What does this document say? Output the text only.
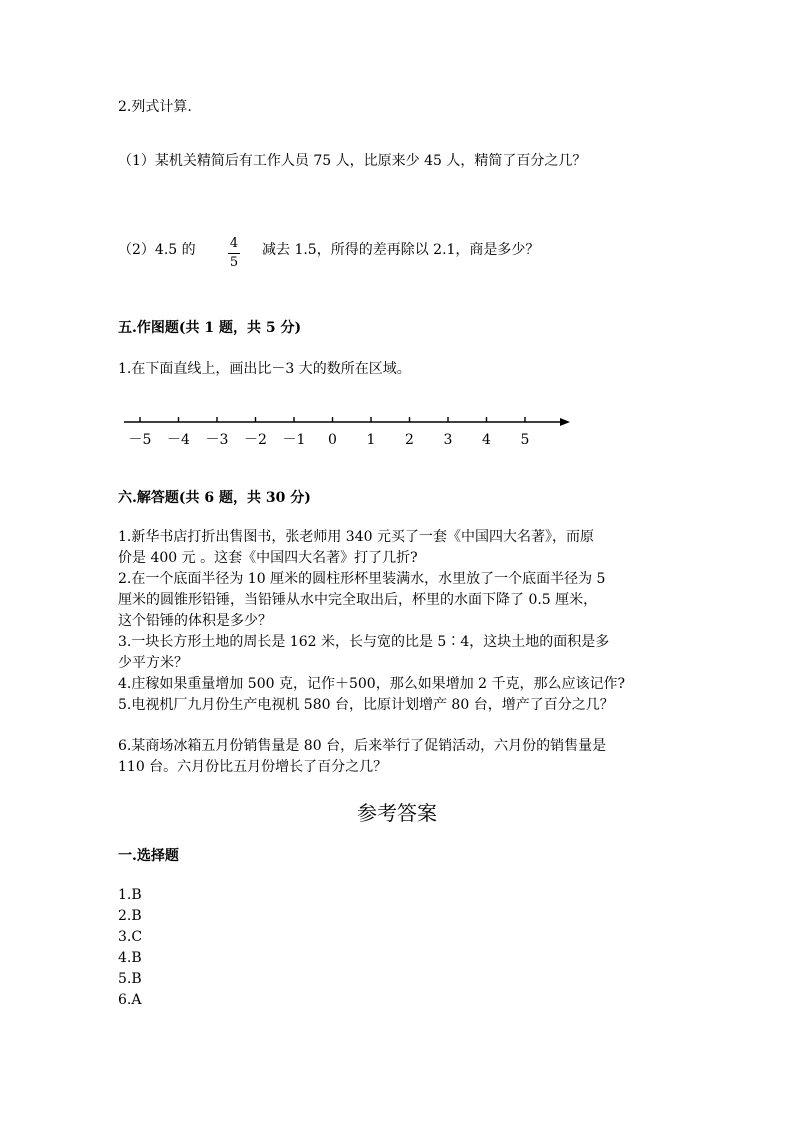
2.列式计算.
（1）某机关精简后有工作人员 75 人，比原来少 45 人，精简了百分之几？
（2）4.5 的	4
5
减去 1.5，所得的差再除以 2.1，商是多少？
五.作图题(共 1 题，共 5 分)
1.在下面直线上，画出比－3 大的数所在区域。
－5 －4 －3 －2 －1 0 1 2 3 4 5
六.解答题(共 6 题，共 30 分)
1.新华书店打折出售图书，张老师用 340 元买了一套《中国四大名著》，而原
价是 400 元 。这套《中国四大名著》打了几折?
2.在一个底面半径为 10 厘米的圆柱形杯里装满水，水里放了一个底面半径为 5
厘米的圆锥形铅锤，当铅锤从水中完全取出后，杯里的水面下降了 0.5 厘米，
这个铅锤的体积是多少？
3.一块长方形土地的周长是 162 米，长与宽的比是 5∶4，这块土地的面积是多
少平方米？
4.庄稼如果重量增加 500 克，记作＋500，那么如果增加 2 千克，那么应该记作?
5.电视机厂九月份生产电视机 580 台，比原计划增产 80 台，增产了百分之几？
6.某商场冰箱五月份销售量是 80 台，后来举行了促销活动，六月份的销售量是
110 台。六月份比五月份增长了百分之几？
参考答案
一.选择题
1.B
2.B
3.C
4.B
5.B
6.A
